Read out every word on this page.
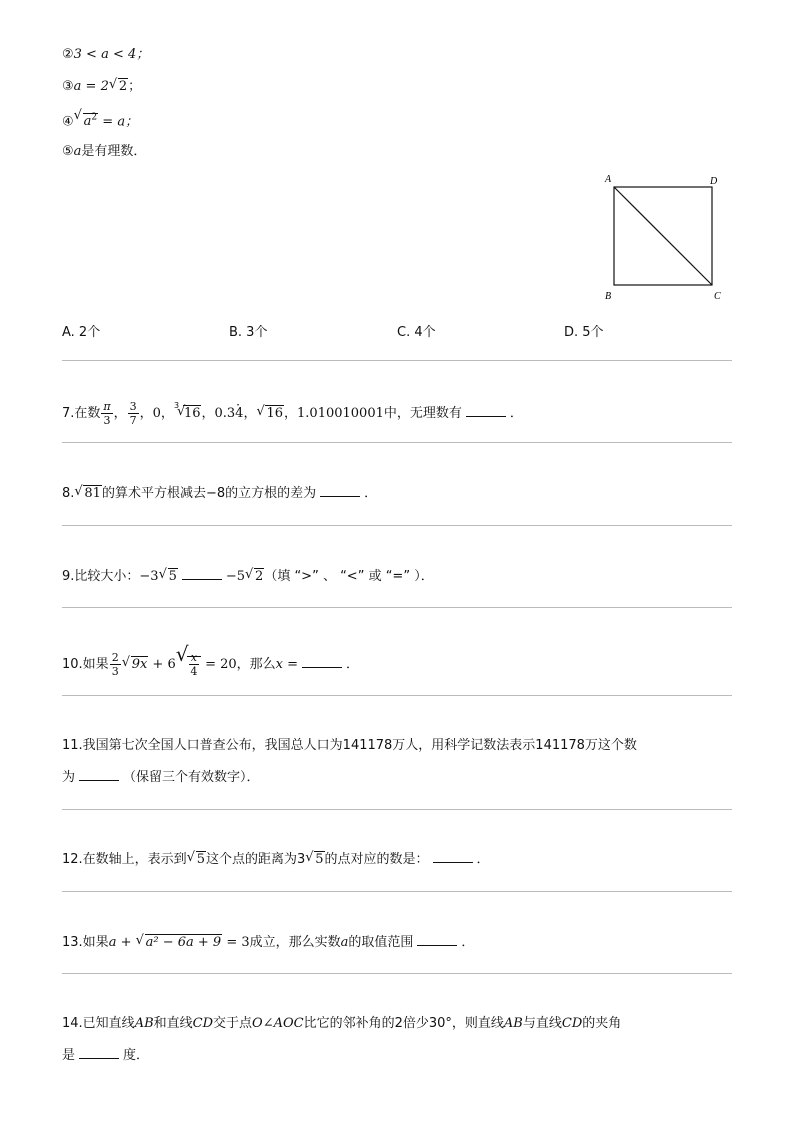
②3 < a < 4；
③a = 2 √ 2；
④ √ $a^2 = a$；
⑤a是有理数．
A	D
B	C
A. 2个	B. 3个	C. 4个	D. 5个
7.在数 $\frac{\pi}{3}$ ， $\frac{3}{7}$ ，0，
$^3$√
16，0.3· 4， √ 16，1.010010001中，无理数有	．
8. √ 81的算术平方根减去−8的立方根的差为	．
9.比较大小：−3 √ 5	−5 √ 2（填 “>” 、 “<” 或 “=” ）．
10.如果 $\frac{2}{3}$ √ 9x + 6 √ $\frac{x}{4} = 20$，那么x =	．
11.我国第七次全国人口普查公布，我国总人口为141178万人，用科学记数法表示141178万这个数
为	（保留三个有效数字）．
12.在数轴上，表示到 √ 5这个点的距离为3 √ 5的点对应的数是：	．
13.如果a + √ a² − 6a + 9 = 3成立，那么实数a的取值范围	．
14.已知直线AB和直线CD交于点O∠AOC比它的邻补角的2倍少30°，则直线AB与直线CD的夹角
是	度．
